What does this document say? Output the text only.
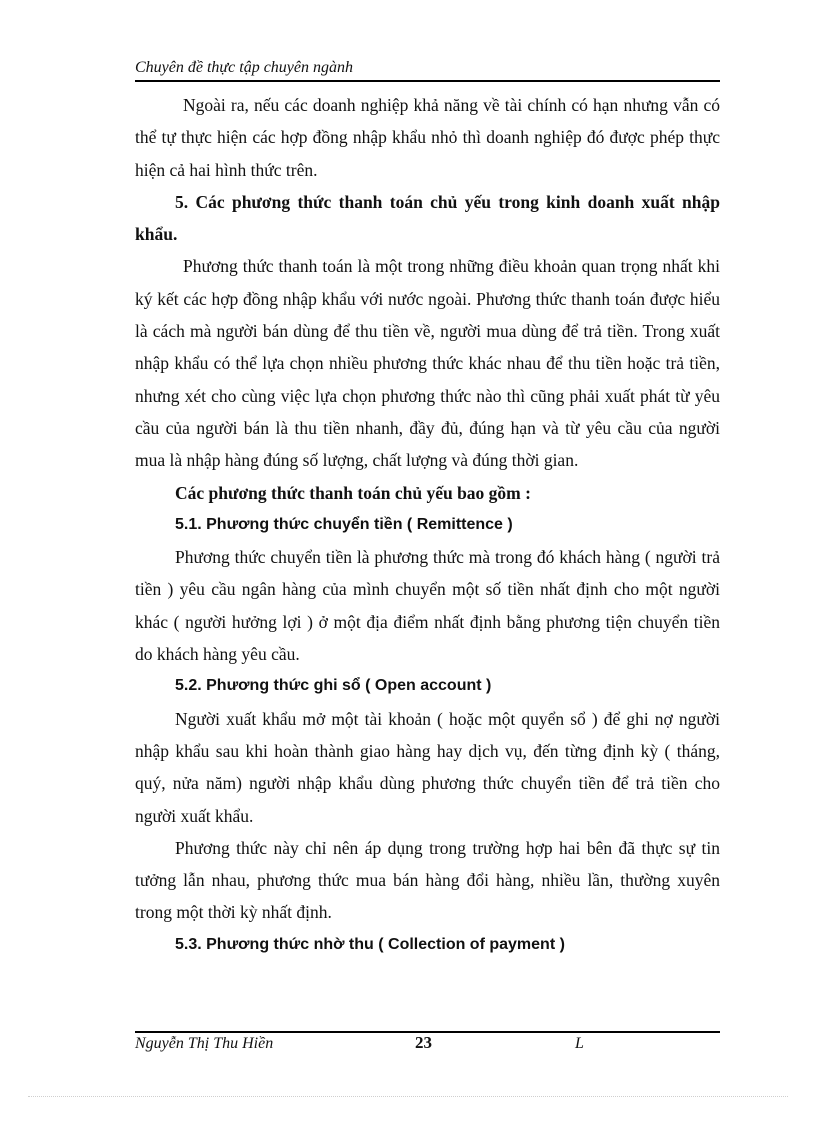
Chuyên đề thực tập chuyên ngành

Ngoài ra, nếu các doanh nghiệp khả năng về tài chính có hạn nhưng vẫn có thể tự thực hiện các hợp đồng nhập khẩu nhỏ thì doanh nghiệp đó được phép thực hiện cả hai hình thức trên.

5. Các phương thức thanh toán chủ yếu trong kinh doanh xuất nhập khẩu.

Phương thức thanh toán là một trong những điều khoản quan trọng nhất khi ký kết các hợp đồng nhập khẩu với nước ngoài. Phương thức thanh toán được hiểu là cách mà người bán dùng để thu tiền về, người mua dùng để trả tiền. Trong xuất nhập khẩu có thể lựa chọn nhiều phương thức khác nhau để thu tiền hoặc trả tiền, nhưng xét cho cùng việc lựa chọn phương thức nào thì cũng phải xuất phát từ yêu cầu của người bán là thu tiền nhanh, đầy đủ, đúng hạn và từ yêu cầu của người mua là nhập hàng đúng số lượng, chất lượng và đúng thời gian.

Các phương thức thanh toán chủ yếu bao gồm :

5.1. Phương thức chuyển tiền ( Remittence )

Phương thức chuyển tiền là phương thức mà trong đó khách hàng ( người trả tiền ) yêu cầu ngân hàng của mình chuyển một số tiền nhất định cho một người khác ( người hưởng lợi ) ở một địa điểm nhất định bằng phương tiện chuyển tiền do khách hàng yêu cầu.

5.2. Phương thức ghi sổ ( Open account )

Người xuất khẩu mở một tài khoản ( hoặc một quyển sổ ) để ghi nợ người nhập khẩu sau khi hoàn thành giao hàng hay dịch vụ, đến từng định kỳ ( tháng, quý, nửa năm) người nhập khẩu dùng phương thức chuyển tiền để trả tiền cho người xuất khẩu.

Phương thức này chỉ nên áp dụng trong trường hợp hai bên đã thực sự tin tưởng lẫn nhau, phương thức mua bán hàng đổi hàng, nhiều lần, thường xuyên trong một thời kỳ nhất định.

5.3. Phương thức nhờ thu ( Collection of payment )

Nguyễn Thị Thu Hiền	23	L
